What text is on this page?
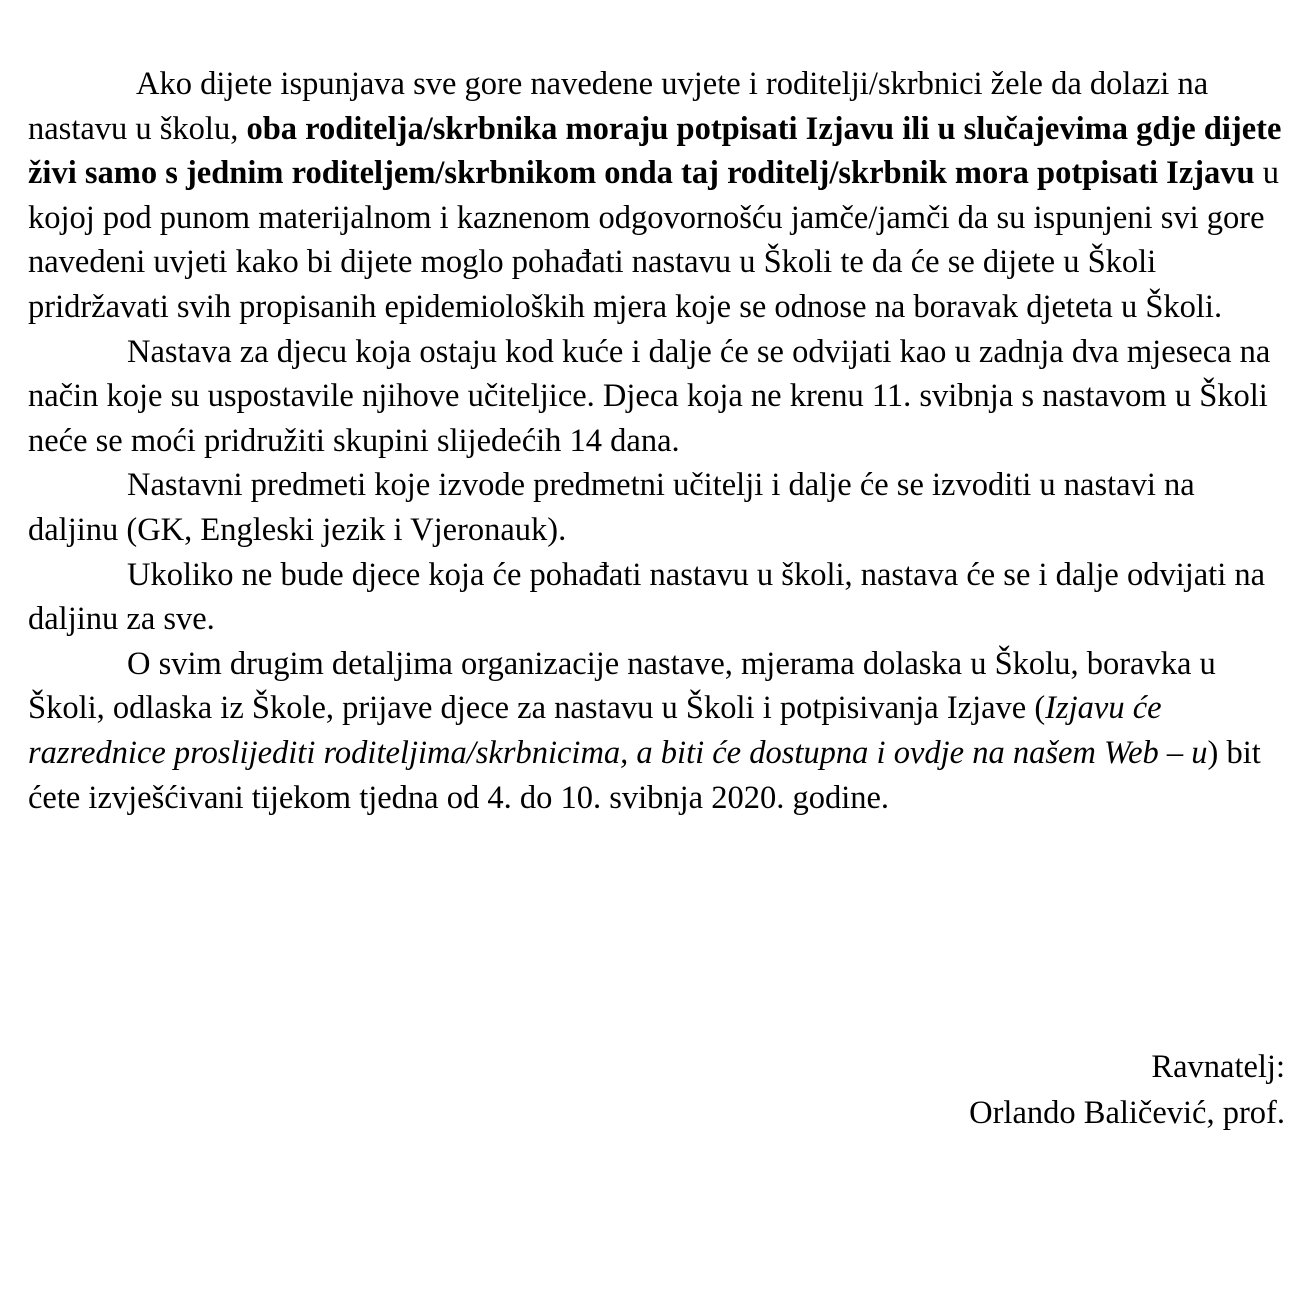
Ako dijete ispunjava sve gore navedene uvjete i roditelji/skrbnici žele da dolazi na nastavu u školu, oba roditelja/skrbnika moraju potpisati Izjavu ili u slučajevima gdje dijete živi samo s jednim roditeljem/skrbnikom onda taj roditelj/skrbnik mora potpisati Izjavu u kojoj pod punom materijalnom i kaznenom odgovornošću jamče/jamči da su ispunjeni svi gore navedeni uvjeti kako bi dijete moglo pohađati nastavu u Školi te da će se dijete u Školi pridržavati svih propisanih epidemioloških mjera koje se odnose na boravak djeteta u Školi.

Nastava za djecu koja ostaju kod kuće i dalje će se odvijati kao u zadnja dva mjeseca na način koje su uspostavile njihove učiteljice. Djeca koja ne krenu 11. svibnja s nastavom u Školi neće se moći pridružiti skupini slijedećih 14 dana.

Nastavni predmeti koje izvode predmetni učitelji i dalje će se izvoditi u nastavi na daljinu (GK, Engleski jezik i Vjeronauk).

Ukoliko ne bude djece koja će pohađati nastavu u školi, nastava će se i dalje odvijati na daljinu za sve.

O svim drugim detaljima organizacije nastave, mjerama dolaska u Školu, boravka u Školi, odlaska iz Škole, prijave djece za nastavu u Školi i potpisivanja Izjave (Izjavu će razrednice proslijediti roditeljima/skrbnicima, a biti će dostupna i ovdje na našem Web – u) bit ćete izvješćivani tijekom tjedna od 4. do 10. svibnja 2020. godine.

Ravnatelj:
Orlando Baličević, prof.
